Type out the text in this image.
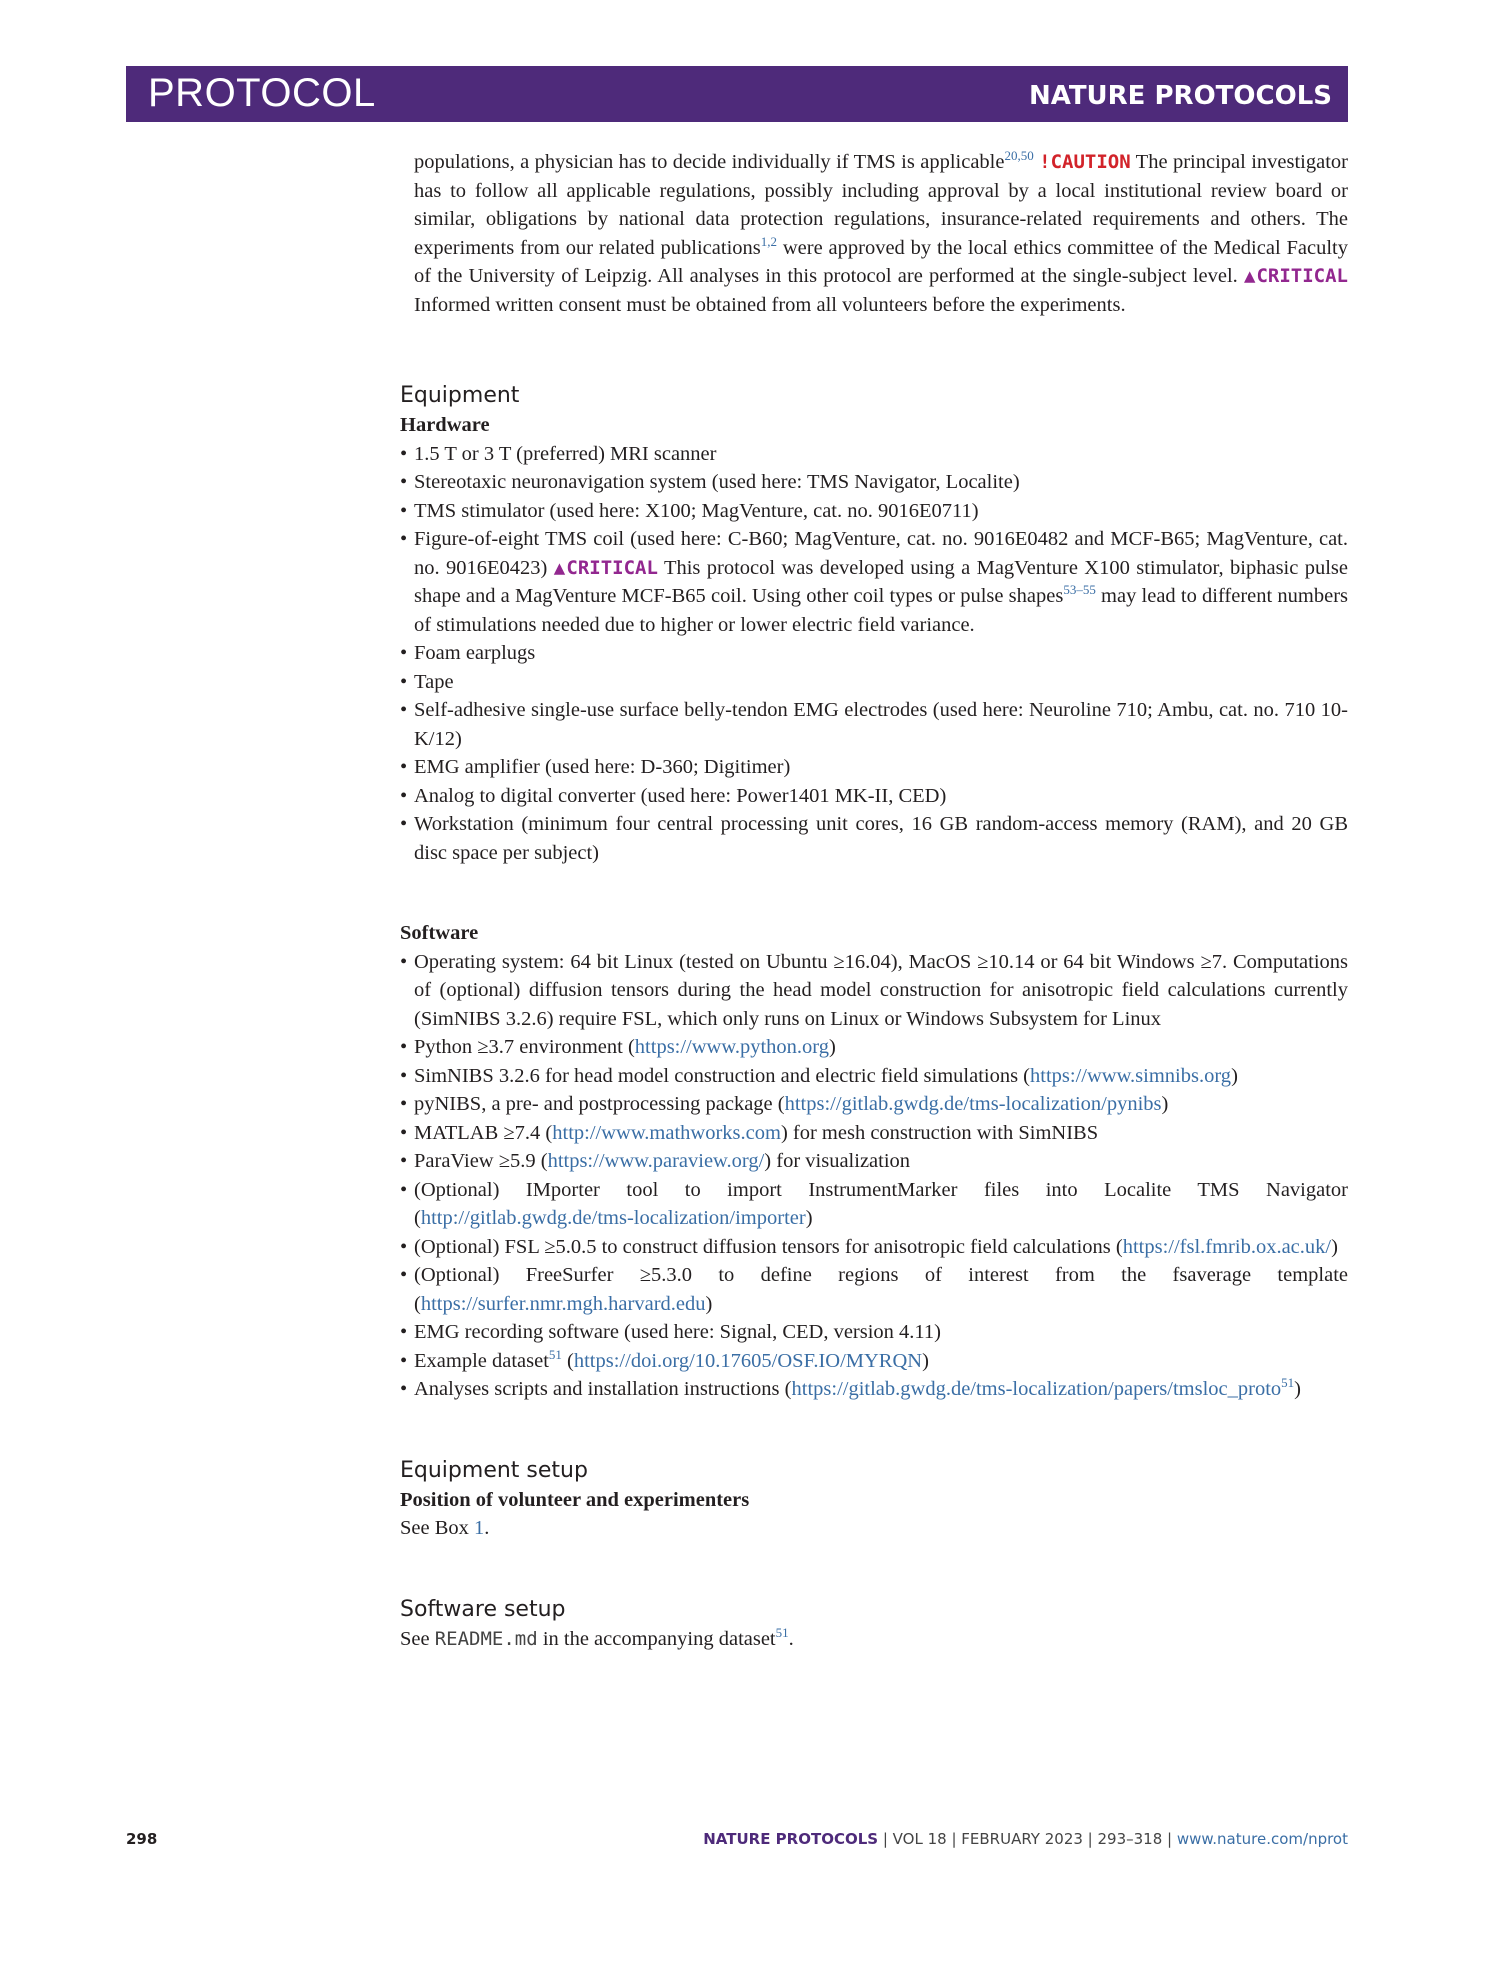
PROTOCOL	NATURE PROTOCOLS

populations, a physician has to decide individually if TMS is applicable$^{20,50}$ !CAUTION The principal investigator has to follow all applicable regulations, possibly including approval by a local institutional review board or similar, obligations by national data protection regulations, insurance-related requirements and others. The experiments from our related publications$^{1,2}$ were approved by the local ethics committee of the Medical Faculty of the University of Leipzig. All analyses in this protocol are performed at the single-subject level. ▲CRITICAL Informed written consent must be obtained from all volunteers before the experiments.

Equipment
Hardware
• 1.5 T or 3 T (preferred) MRI scanner
• Stereotaxic neuronavigation system (used here: TMS Navigator, Localite)
• TMS stimulator (used here: X100; MagVenture, cat. no. 9016E0711)
• Figure-of-eight TMS coil (used here: C-B60; MagVenture, cat. no. 9016E0482 and MCF-B65; MagVenture, cat. no. 9016E0423) ▲CRITICAL This protocol was developed using a MagVenture X100 stimulator, biphasic pulse shape and a MagVenture MCF-B65 coil. Using other coil types or pulse shapes$^{53-55}$ may lead to different numbers of stimulations needed due to higher or lower electric field variance.
• Foam earplugs
• Tape
• Self-adhesive single-use surface belly-tendon EMG electrodes (used here: Neuroline 710; Ambu, cat. no. 710 10-K/12)
• EMG amplifier (used here: D-360; Digitimer)
• Analog to digital converter (used here: Power1401 MK-II, CED)
• Workstation (minimum four central processing unit cores, 16 GB random-access memory (RAM), and 20 GB disc space per subject)
Software
• Operating system: 64 bit Linux (tested on Ubuntu ≥16.04), MacOS ≥10.14 or 64 bit Windows ≥7. Computations of (optional) diffusion tensors during the head model construction for anisotropic field calculations currently (SimNIBS 3.2.6) require FSL, which only runs on Linux or Windows Subsystem for Linux
• Python ≥3.7 environment (https://www.python.org)
• SimNIBS 3.2.6 for head model construction and electric field simulations (https://www.simnibs.org)
• pyNIBS, a pre- and postprocessing package (https://gitlab.gwdg.de/tms-localization/pynibs)
• MATLAB ≥7.4 (http://www.mathworks.com) for mesh construction with SimNIBS
• ParaView ≥5.9 (https://www.paraview.org/) for visualization
• (Optional) IMporter tool to import InstrumentMarker files into Localite TMS Navigator (http://gitlab.gwdg.de/tms-localization/importer)
• (Optional) FSL ≥5.0.5 to construct diffusion tensors for anisotropic field calculations (https://fsl.fmrib.ox.ac.uk/)
• (Optional) FreeSurfer ≥5.3.0 to define regions of interest from the fsaverage template (https://surfer.nmr.mgh.harvard.edu)
• EMG recording software (used here: Signal, CED, version 4.11)
• Example dataset$^{51}$ (https://doi.org/10.17605/OSF.IO/MYRQN)
• Analyses scripts and installation instructions (https://gitlab.gwdg.de/tms-localization/papers/tmsloc_proto$^{51}$)
Equipment setup
Position of volunteer and experimenters

See Box 1.

Software setup

See README.md in the accompanying dataset$^{51}$.

298	NATURE PROTOCOLS | VOL 18 | FEBRUARY 2023 | 293–318 | www.nature.com/nprot
